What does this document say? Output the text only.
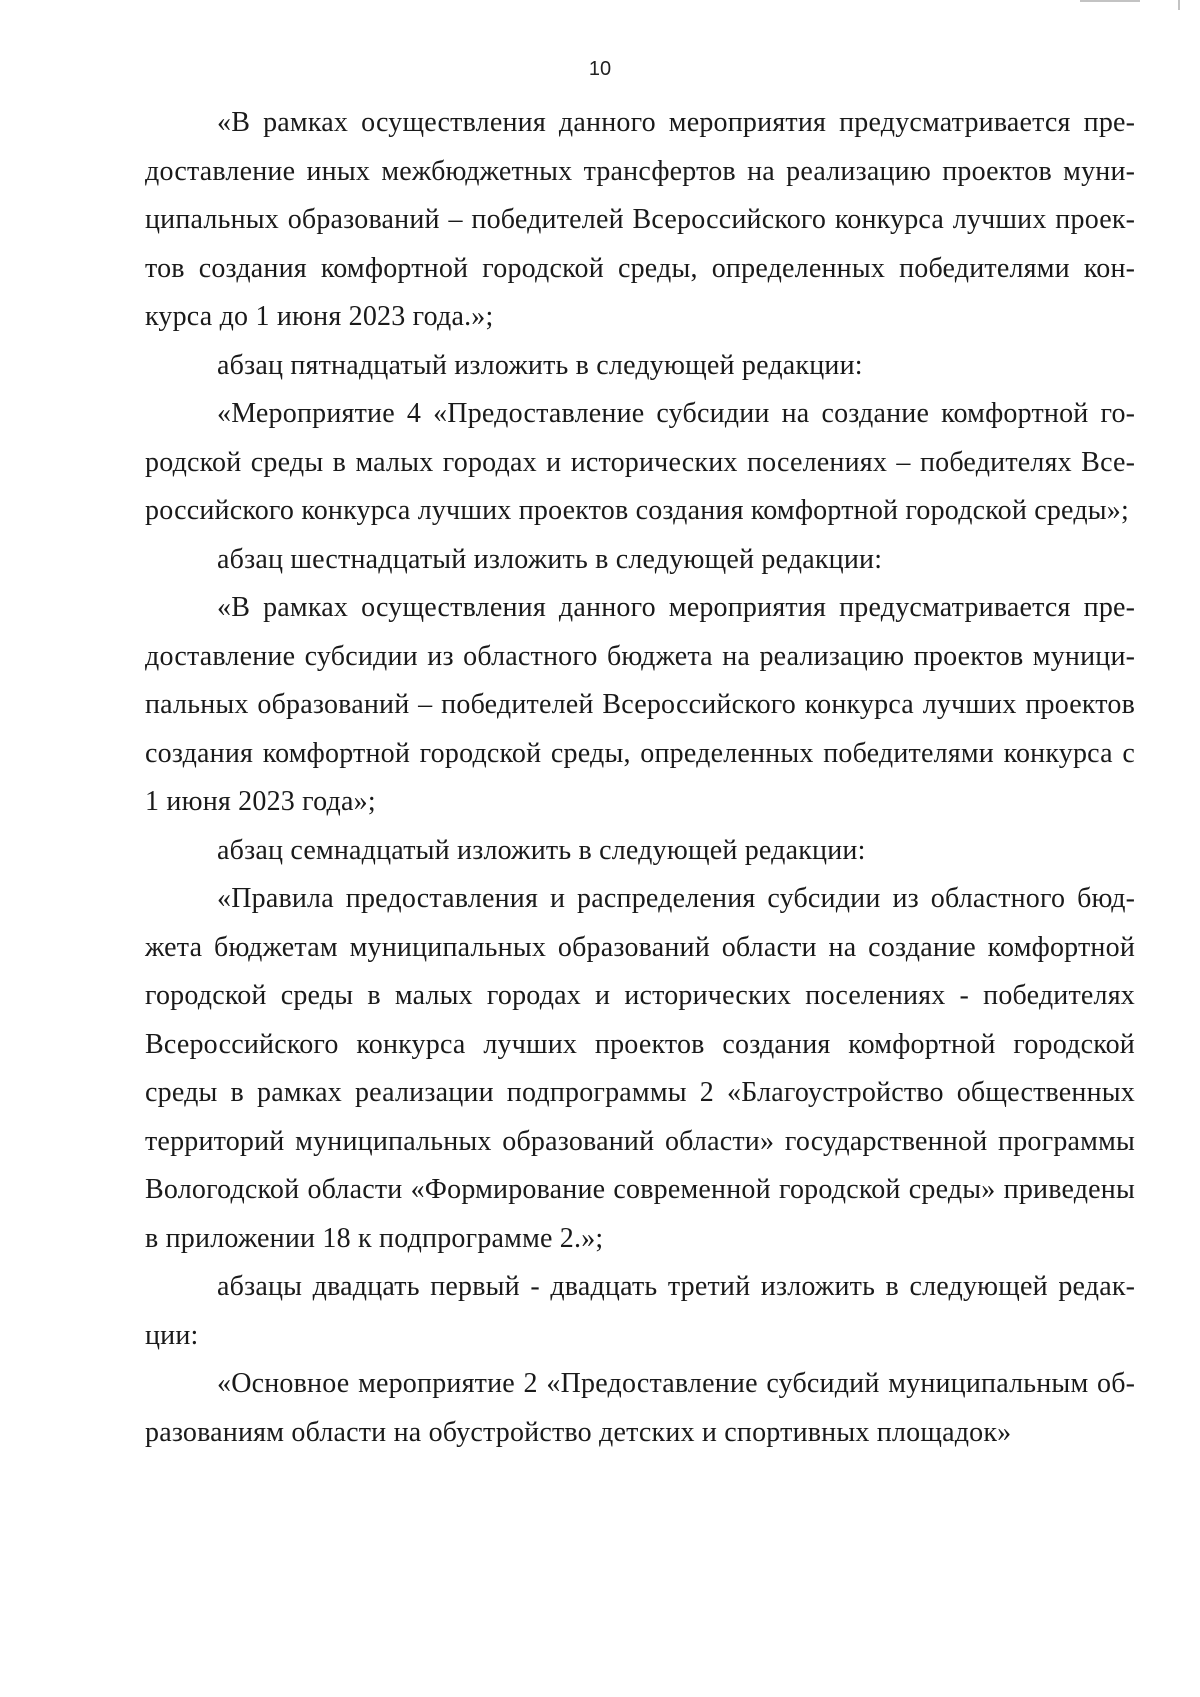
10

«В рамках осуществления данного мероприятия предусматривается предоставление иных межбюджетных трансфертов на реализацию проектов муниципальных образований – победителей Всероссийского конкурса лучших проектов создания комфортной городской среды, определенных победителями конкурса до 1 июня 2023 года.»;

абзац пятнадцатый изложить в следующей редакции:

«Мероприятие 4 «Предоставление субсидии на создание комфортной городской среды в малых городах и исторических поселениях – победителях Всероссийского конкурса лучших проектов создания комфортной городской среды»;

абзац шестнадцатый изложить в следующей редакции:

«В рамках осуществления данного мероприятия предусматривается предоставление субсидии из областного бюджета на реализацию проектов муниципальных образований – победителей Всероссийского конкурса лучших проектов создания комфортной городской среды, определенных победителями конкурса с 1 июня 2023 года»;

абзац семнадцатый изложить в следующей редакции:

«Правила предоставления и распределения субсидии из областного бюджета бюджетам муниципальных образований области на создание комфортной городской среды в малых городах и исторических поселениях - победителях Всероссийского конкурса лучших проектов создания комфортной городской среды в рамках реализации подпрограммы 2 «Благоустройство общественных территорий муниципальных образований области» государственной программы Вологодской области «Формирование современной городской среды» приведены в приложении 18 к подпрограмме 2.»;

абзацы двадцать первый - двадцать третий изложить в следующей редакции:

«Основное мероприятие 2 «Предоставление субсидий муниципальным образованиям области на обустройство детских и спортивных площадок»
